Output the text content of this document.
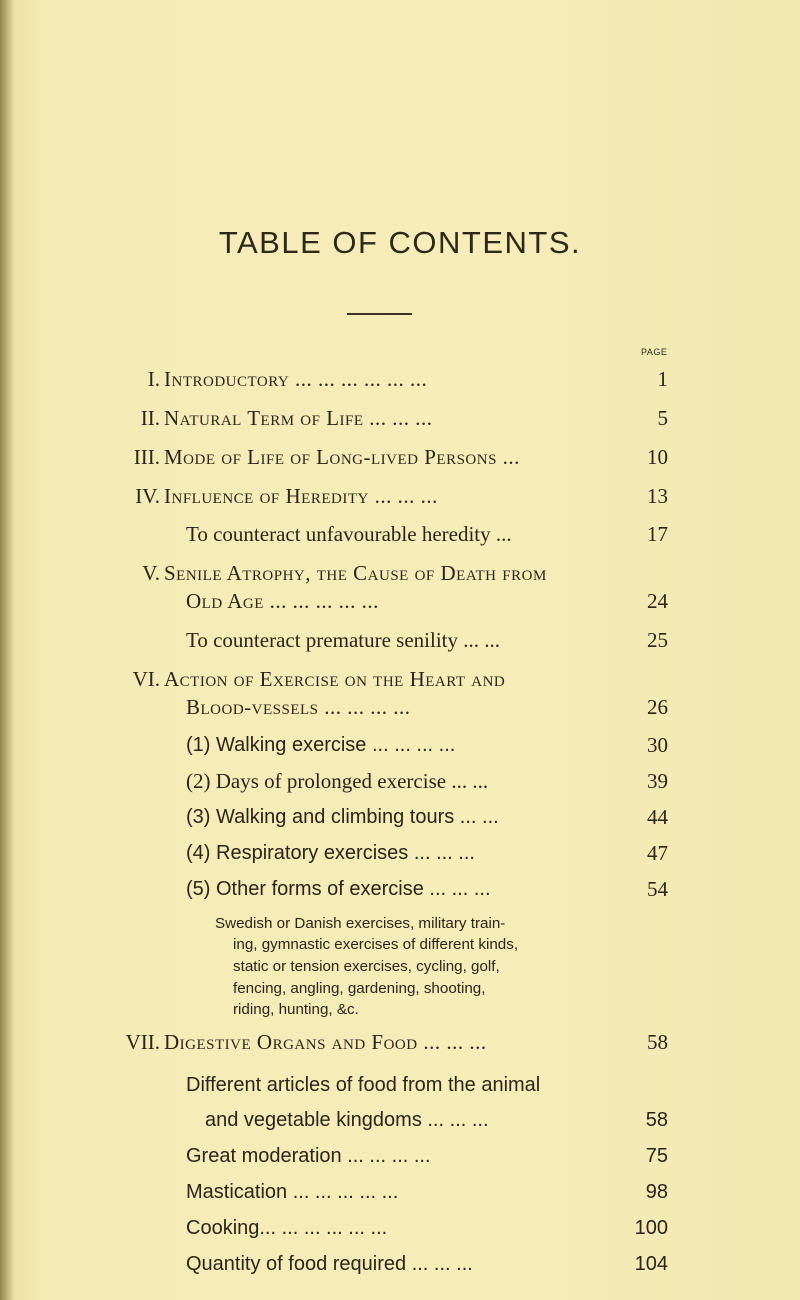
TABLE OF CONTENTS.
PAGE
I. Introductory ... ... ... ... ... ...	1
II. Natural Term of Life ... ... ...	5
III. Mode of Life of Long-lived Persons ...	10
IV. Influence of Heredity ... ... ...	13
To counteract unfavourable heredity ...	17
V. Senile Atrophy, the Cause of Death from
Old Age ... ... ... ... ...	24
To counteract premature senility ... ...	25
VI. Action of Exercise on the Heart and
Blood-vessels ... ... ... ...	26
(1) Walking exercise ... ... ... ...	30
(2) Days of prolonged exercise ... ...	39
(3) Walking and climbing tours ... ...	44
(4) Respiratory exercises ... ... ...	47
(5) Other forms of exercise ... ... ...	54
Swedish or Danish exercises, military train-
ing, gymnastic exercises of different kinds,
static or tension exercises, cycling, golf,
fencing, angling, gardening, shooting,
riding, hunting, &c.
VII. Digestive Organs and Food ... ... ...	58
Different articles of food from the animal
and vegetable kingdoms ... ... ...	58
Great moderation ... ... ... ...	75
Mastication ... ... ... ... ...	98
Cooking... ... ... ... ... ...	100
Quantity of food required ... ... ...	104
